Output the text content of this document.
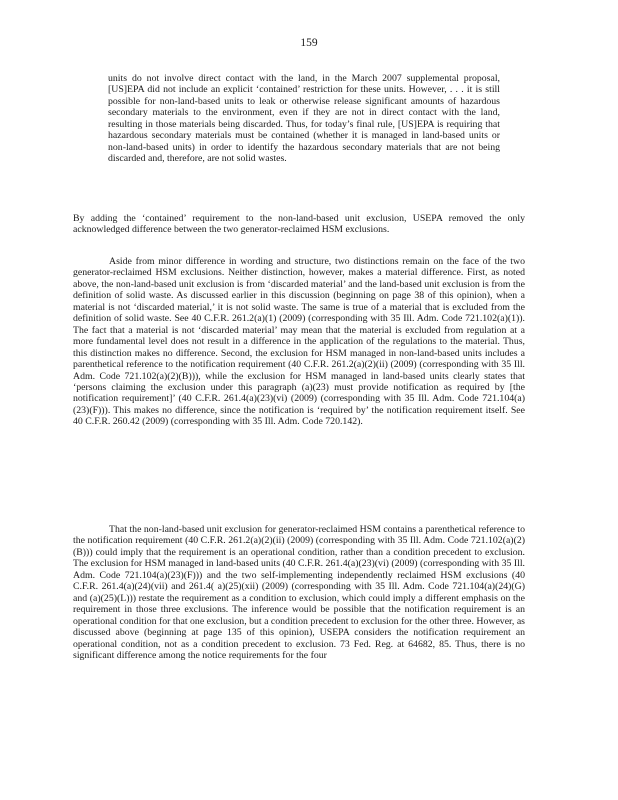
159
units do not involve direct contact with the land, in the March 2007 supplemental proposal, [US]EPA did not include an explicit ‘contained’ restriction for these units. However, . . . it is still possible for non-land-based units to leak or otherwise release significant amounts of hazardous secondary materials to the environment, even if they are not in direct contact with the land, resulting in those materials being discarded. Thus, for today’s final rule, [US]EPA is requiring that hazardous secondary materials must be contained (whether it is managed in land-based units or non-land-based units) in order to identify the hazardous secondary materials that are not being discarded and, therefore, are not solid wastes.
By adding the ‘contained’ requirement to the non-land-based unit exclusion, USEPA removed the only acknowledged difference between the two generator-reclaimed HSM exclusions.
Aside from minor difference in wording and structure, two distinctions remain on the face of the two generator-reclaimed HSM exclusions. Neither distinction, however, makes a material difference. First, as noted above, the non-land-based unit exclusion is from ‘discarded material’ and the land-based unit exclusion is from the definition of solid waste. As discussed earlier in this discussion (beginning on page 38 of this opinion), when a material is not ‘discarded material,’ it is not solid waste. The same is true of a material that is excluded from the definition of solid waste. See 40 C.F.R. 261.2(a)(1) (2009) (corresponding with 35 Ill. Adm. Code 721.102(a)(1)). The fact that a material is not ‘discarded material’ may mean that the material is excluded from regulation at a more fundamental level does not result in a difference in the application of the regulations to the material. Thus, this distinction makes no difference. Second, the exclusion for HSM managed in non-land-based units includes a parenthetical reference to the notification requirement (40 C.F.R. 261.2(a)(2)(ii) (2009) (corresponding with 35 Ill. Adm. Code 721.102(a)(2)(B))), while the exclusion for HSM managed in land-based units clearly states that ‘persons claiming the exclusion under this paragraph (a)(23) must provide notification as required by [the notification requirement]’ (40 C.F.R. 261.4(a)(23)(vi) (2009) (corresponding with 35 Ill. Adm. Code 721.104(a)(23)(F))). This makes no difference, since the notification is ‘required by’ the notification requirement itself. See 40 C.F.R. 260.42 (2009) (corresponding with 35 Ill. Adm. Code 720.142).
That the non-land-based unit exclusion for generator-reclaimed HSM contains a parenthetical reference to the notification requirement (40 C.F.R. 261.2(a)(2)(ii) (2009) (corresponding with 35 Ill. Adm. Code 721.102(a)(2)(B))) could imply that the requirement is an operational condition, rather than a condition precedent to exclusion. The exclusion for HSM managed in land-based units (40 C.F.R. 261.4(a)(23)(vi) (2009) (corresponding with 35 Ill. Adm. Code 721.104(a)(23)(F))) and the two self-implementing independently reclaimed HSM exclusions (40 C.F.R. 261.4(a)(24)(vii) and 261.4( a)(25)(xii) (2009) (corresponding with 35 Ill. Adm. Code 721.104(a)(24)(G) and (a)(25)(L))) restate the requirement as a condition to exclusion, which could imply a different emphasis on the requirement in those three exclusions. The inference would be possible that the notification requirement is an operational condition for that one exclusion, but a condition precedent to exclusion for the other three. However, as discussed above (beginning at page 135 of this opinion), USEPA considers the notification requirement an operational condition, not as a condition precedent to exclusion. 73 Fed. Reg. at 64682, 85. Thus, there is no significant difference among the notice requirements for the four
